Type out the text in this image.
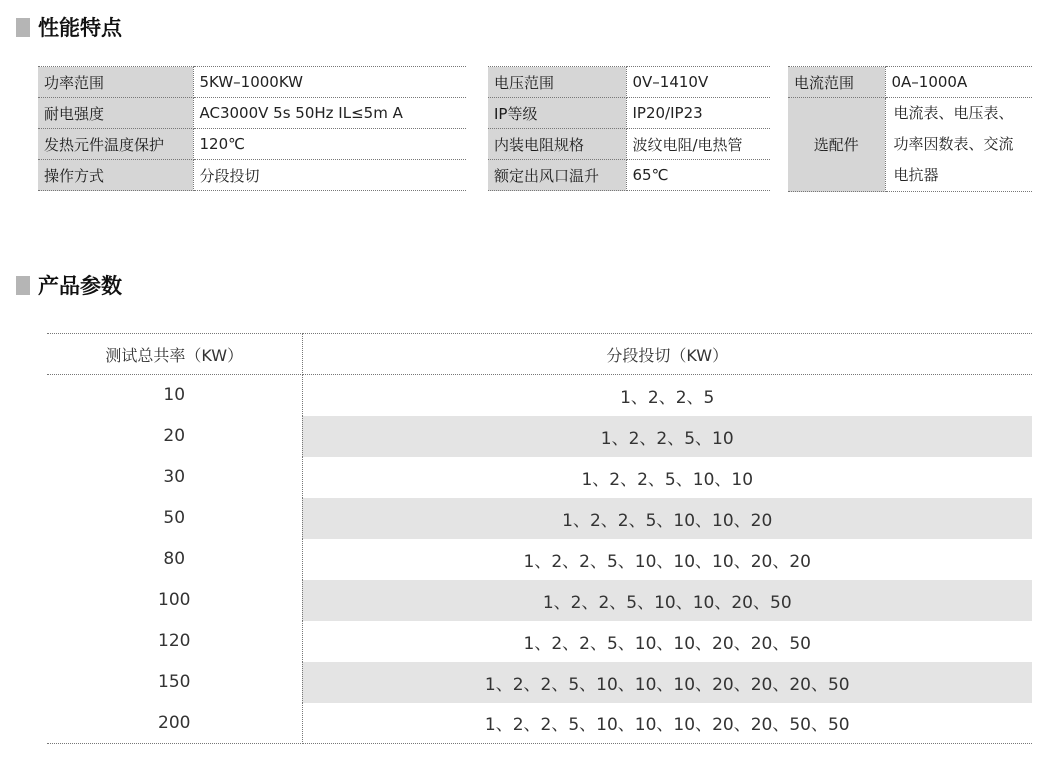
性能特点
功率范围	5KW–1000KW
耐电强度	AC3000V 5s 50Hz IL≤5m A
发热元件温度保护	120℃
操作方式	分段投切
电压范围	0V–1410V
IP等级	IP20/IP23
内装电阻规格	波纹电阻/电热管
额定出风口温升	65℃
电流范围	0A–1000A
选配件	电流表、电压表、
功率因数表、交流
电抗器
产品参数
测试总共率（KW）	分段投切（KW）
10	1、2、2、5
20	1、2、2、5、10
30	1、2、2、5、10、10
50	1、2、2、5、10、10、20
80	1、2、2、5、10、10、10、20、20
100	1、2、2、5、10、10、20、50
120	1、2、2、5、10、10、20、20、50
150	1、2、2、5、10、10、10、20、20、20、50
200	1、2、2、5、10、10、10、20、20、50、50
